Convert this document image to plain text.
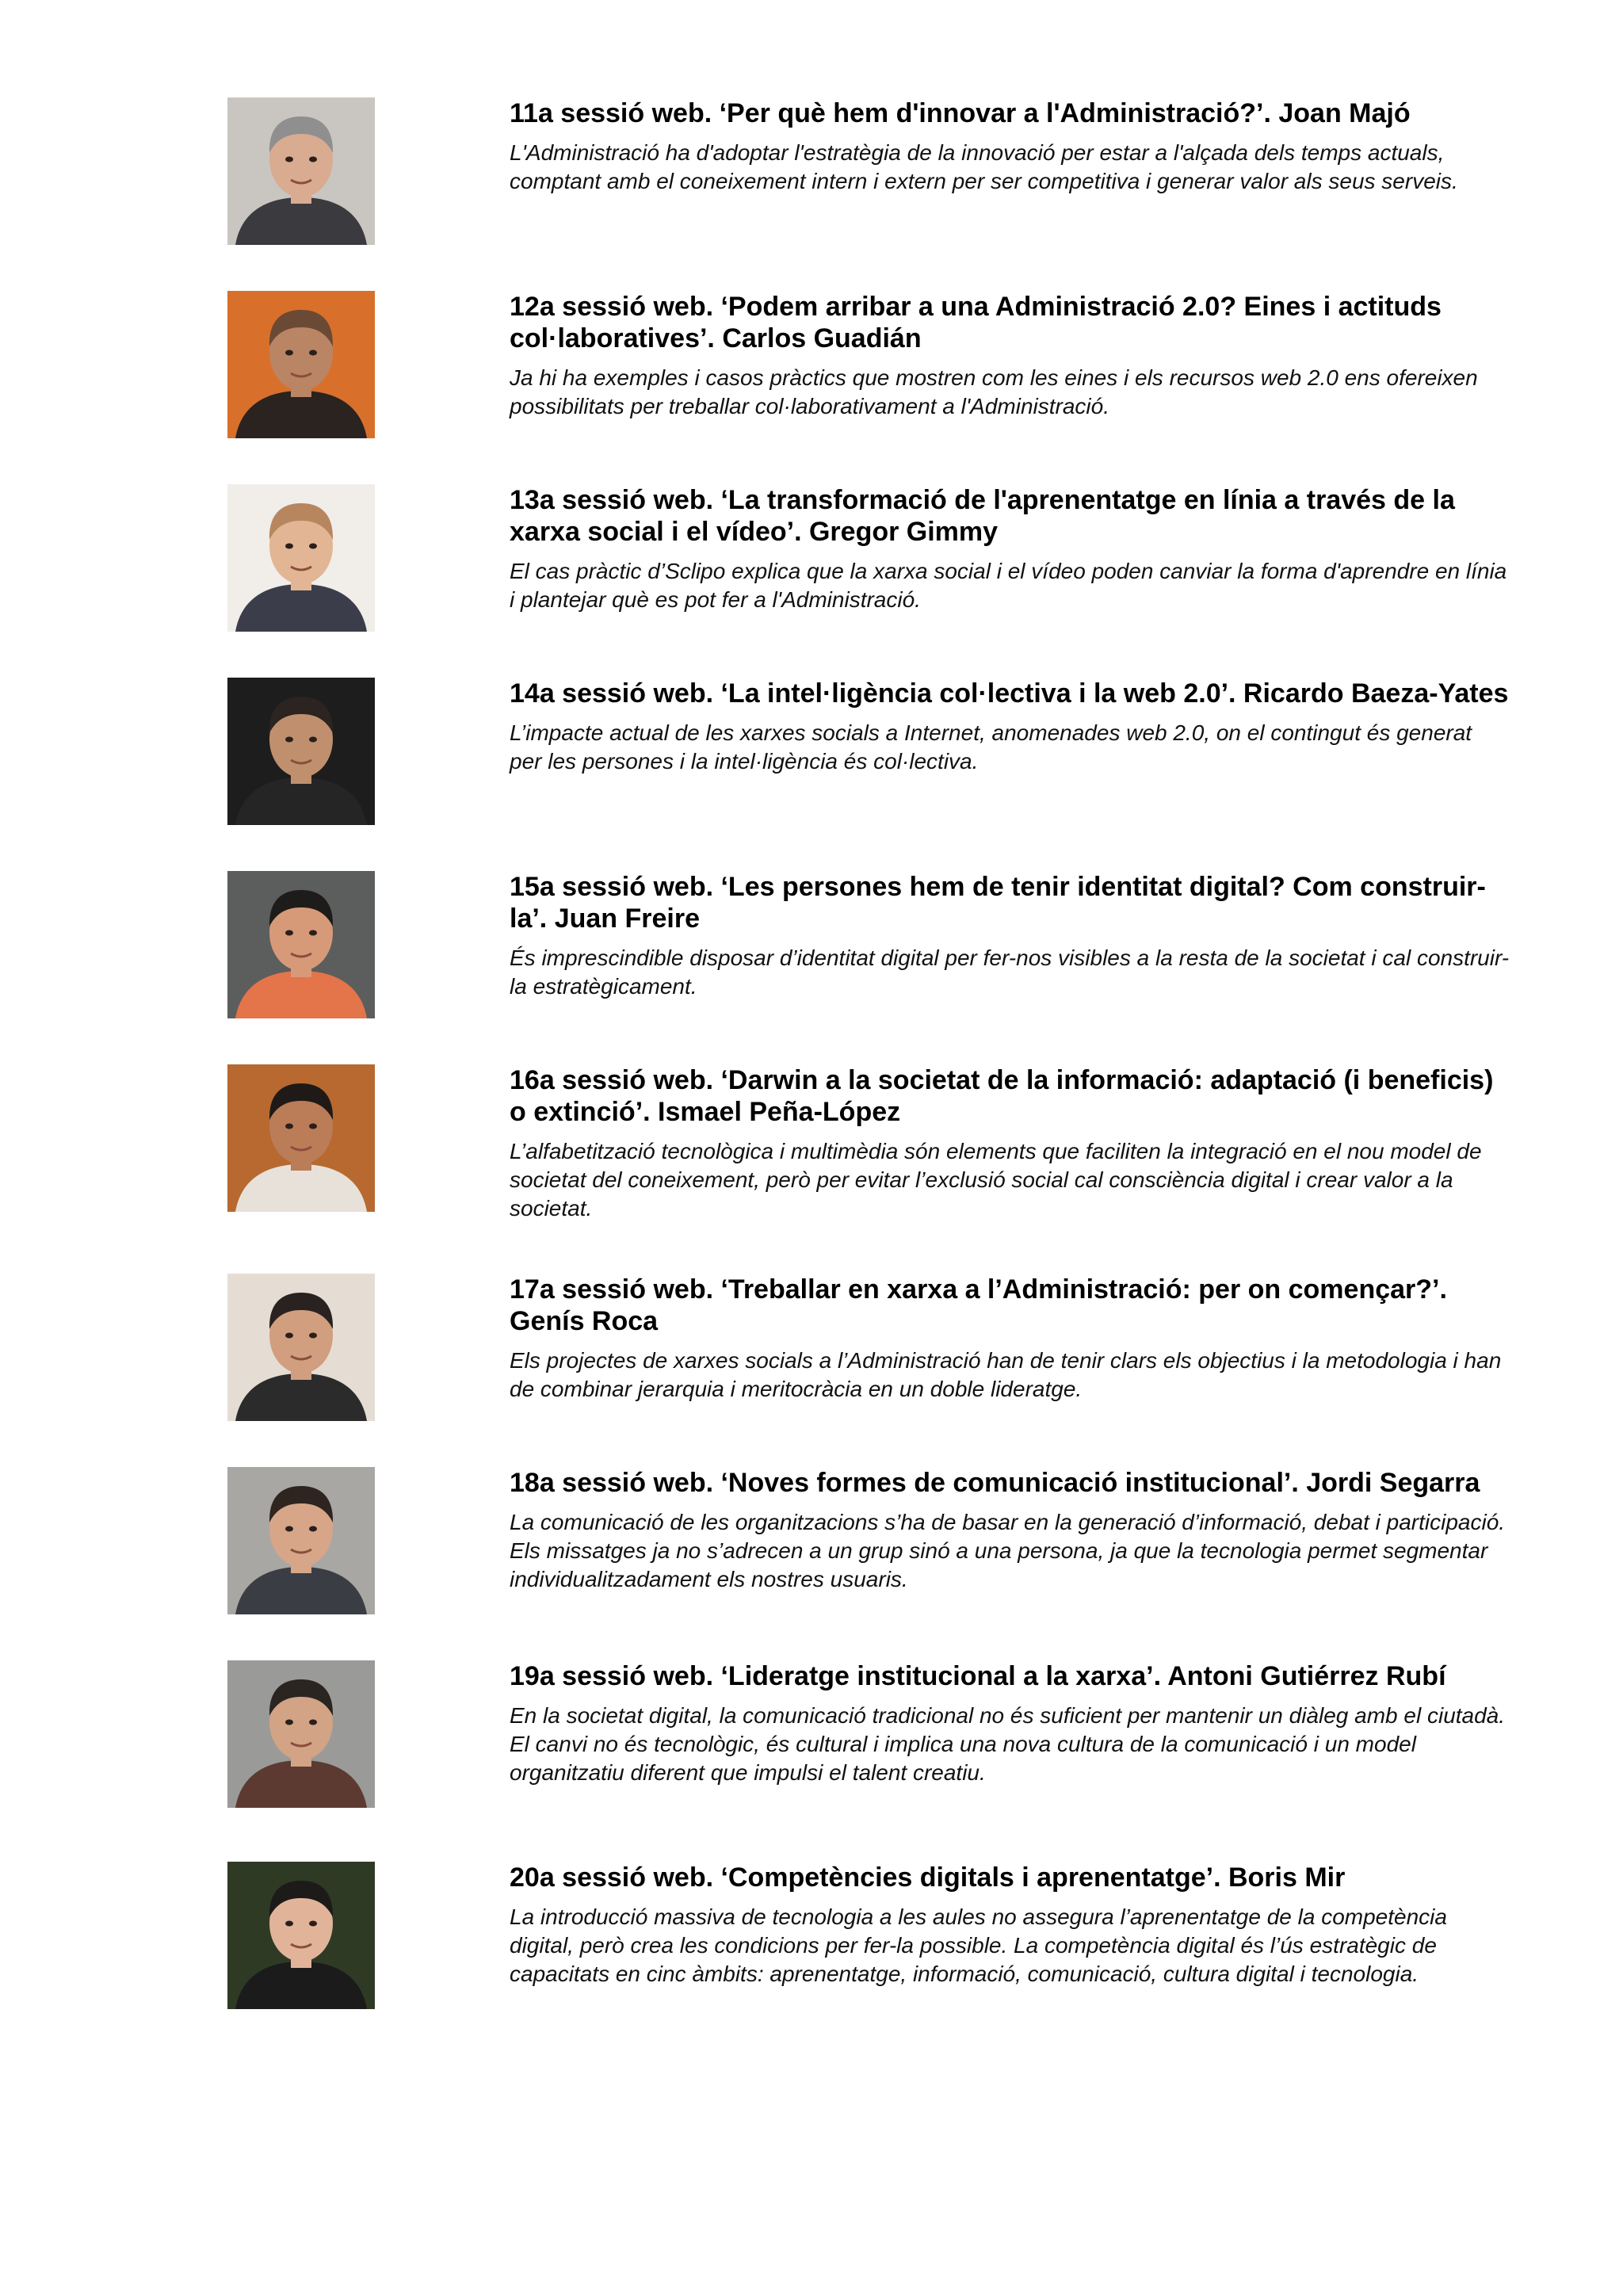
11a sessió web. ‘Per què hem d'innovar a l'Administració?’. Joan Majó

L'Administració ha d'adoptar l'estratègia de la innovació per estar a l'alçada dels temps actuals, comptant amb el coneixement intern i extern per ser competitiva i generar valor als seus serveis.

12a sessió web. ‘Podem arribar a una Administració 2.0? Eines i actituds col·laboratives’. Carlos Guadián

Ja hi ha exemples i casos pràctics que mostren com les eines i els recursos web 2.0 ens ofereixen possibilitats per treballar col·laborativament a l'Administració.

13a sessió web. ‘La transformació de l'aprenentatge en línia a través de la xarxa social i el vídeo’. Gregor Gimmy

El cas pràctic d’Sclipo explica que la xarxa social i el vídeo poden canviar la forma d'aprendre en línia i plantejar què es pot fer a l'Administració.

14a sessió web. ‘La intel·ligència col·lectiva i la web 2.0’. Ricardo Baeza-Yates

L’impacte actual de les xarxes socials a Internet, anomenades web 2.0, on el contingut és generat per les persones i la intel·ligència és col·lectiva.

15a sessió web. ‘Les persones hem de tenir identitat digital? Com construir-la’. Juan Freire

És imprescindible disposar d’identitat digital per fer-nos visibles a la resta de la societat i cal construir-la estratègicament.

16a sessió web. ‘Darwin a la societat de la informació: adaptació (i beneficis) o extinció’. Ismael Peña-López

L’alfabetització tecnològica i multimèdia són elements que faciliten la integració en el nou model de societat del coneixement, però per evitar l’exclusió social cal consciència digital i crear valor a la societat.

17a sessió web. ‘Treballar en xarxa a l’Administració: per on començar?’. Genís Roca

Els projectes de xarxes socials a l’Administració han de tenir clars els objectius i la metodologia i han de combinar jerarquia i meritocràcia en un doble lideratge.

18a sessió web. ‘Noves formes de comunicació institucional’. Jordi Segarra

La comunicació de les organitzacions s’ha de basar en la generació d’informació, debat i participació. Els missatges ja no s’adrecen a un grup sinó a una persona, ja que la tecnologia permet segmentar individualitzadament els nostres usuaris.

19a sessió web. ‘Lideratge institucional a la xarxa’. Antoni Gutiérrez Rubí

En la societat digital, la comunicació tradicional no és suficient per mantenir un diàleg amb el ciutadà. El canvi no és tecnològic, és cultural i implica una nova cultura de la comunicació i un model organitzatiu diferent que impulsi el talent creatiu.

20a sessió web. ‘Competències digitals i aprenentatge’. Boris Mir

La introducció massiva de tecnologia a les aules no assegura l’aprenentatge de la competència digital, però crea les condicions per fer-la possible. La competència digital és l’ús estratègic de capacitats en cinc àmbits: aprenentatge, informació, comunicació, cultura digital i tecnologia.
